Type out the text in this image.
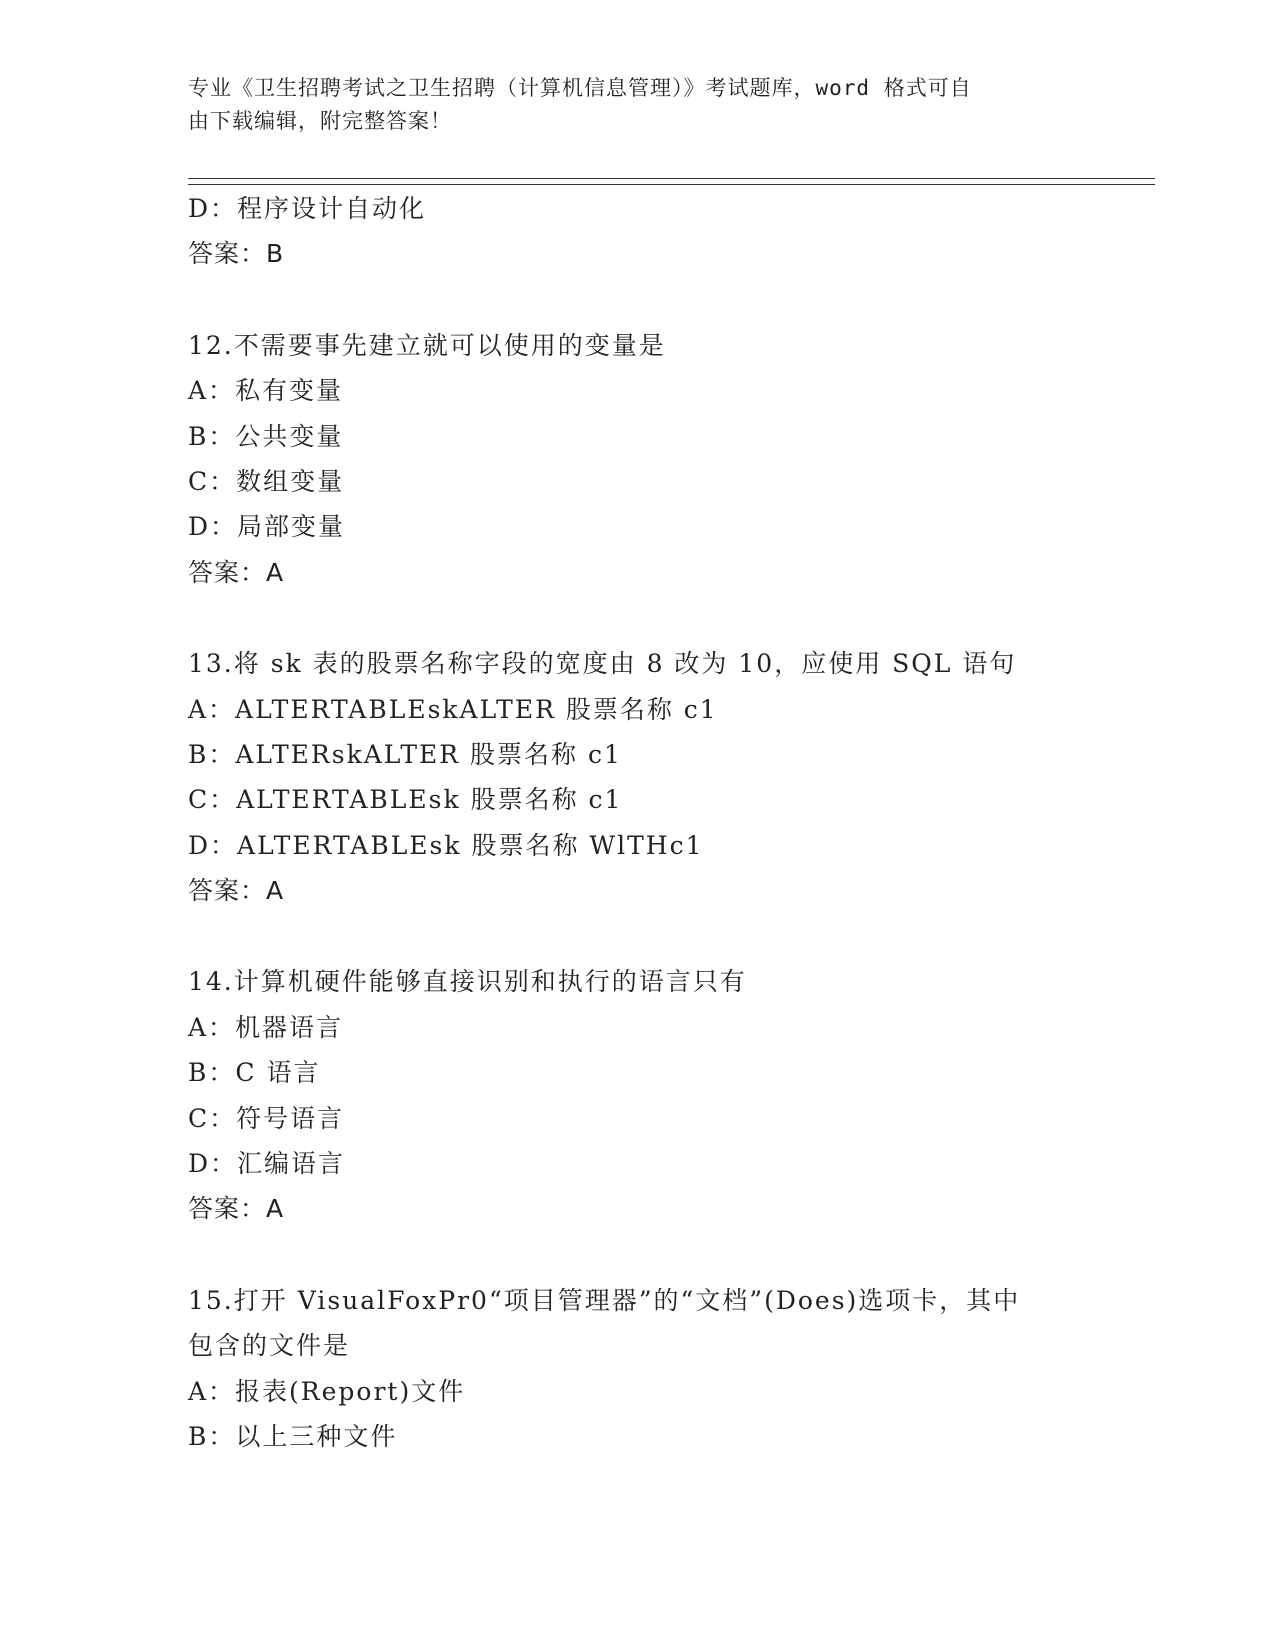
专业《卫生招聘考试之卫生招聘（计算机信息管理）》考试题库，word 格式可自
由下载编辑，附完整答案！
D：程序设计自动化
答案：B
12.不需要事先建立就可以使用的变量是
A：私有变量
B：公共变量
C：数组变量
D：局部变量
答案：A
13.将 sk 表的股票名称字段的宽度由 8 改为 10，应使用 SQL 语句
A：ALTERTABLEskALTER 股票名称 c1
B：ALTERskALTER 股票名称 c1
C：ALTERTABLEsk 股票名称 c1
D：ALTERTABLEsk 股票名称 WlTHc1
答案：A
14.计算机硬件能够直接识别和执行的语言只有
A：机器语言
B：C 语言
C：符号语言
D：汇编语言
答案：A
15.打开 VisualFoxPr0“项目管理器”的“文档”(Does)选项卡，其中
包含的文件是
A：报表(Report)文件
B：以上三种文件
